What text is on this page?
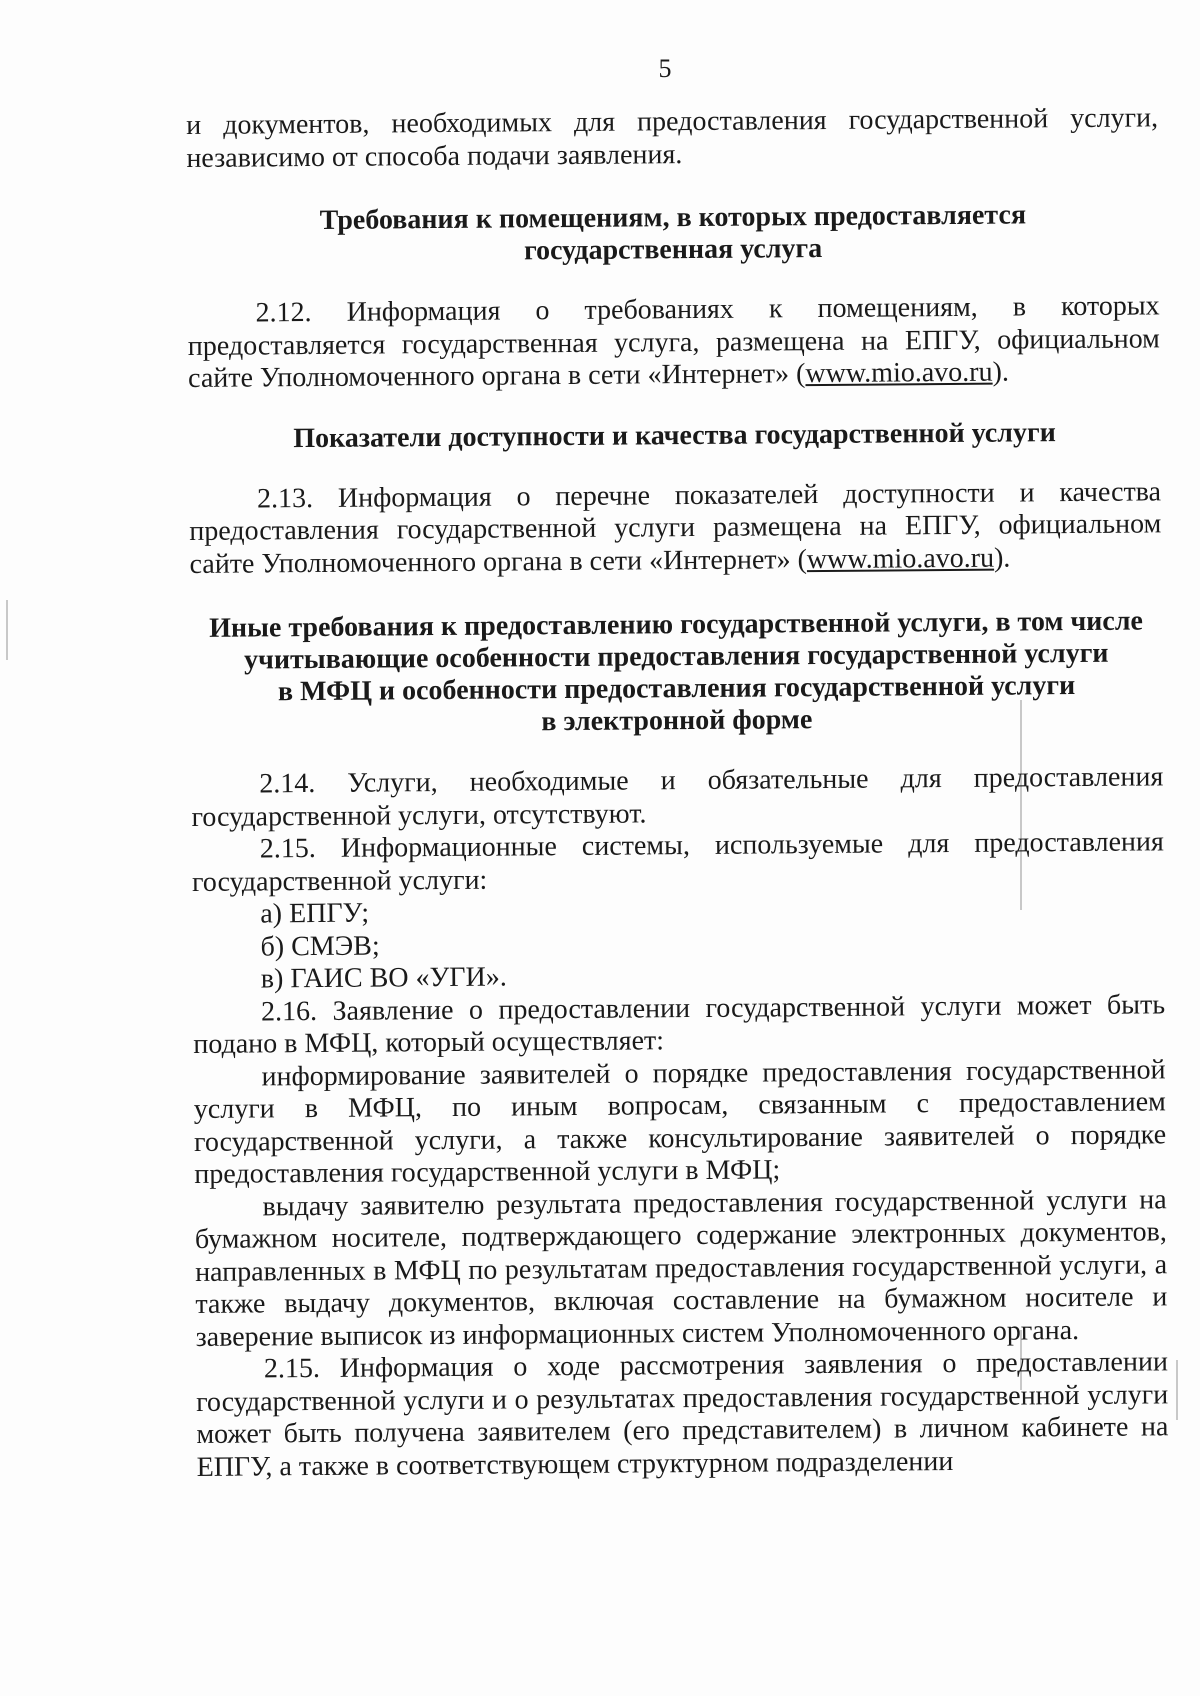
5

и документов, необходимых для предоставления государственной услуги, независимо от способа подачи заявления.

Требования к помещениям, в которых предоставляется
государственная услуга

2.12. Информация о требованиях к помещениям, в которых предоставляется государственная услуга, размещена на ЕПГУ, официальном сайте Уполномоченного органа в сети «Интернет» (www.mio.avo.ru).

Показатели доступности и качества государственной услуги

2.13. Информация о перечне показателей доступности и качества предоставления государственной услуги размещена на ЕПГУ, официальном сайте Уполномоченного органа в сети «Интернет» (www.mio.avo.ru).

Иные требования к предоставлению государственной услуги, в том числе
учитывающие особенности предоставления государственной услуги
в МФЦ и особенности предоставления государственной услуги
в электронной форме

2.14. Услуги, необходимые и обязательные для предоставления государственной услуги, отсутствуют.

2.15. Информационные системы, используемые для предоставления государственной услуги:

а) ЕПГУ;

б) СМЭВ;

в) ГАИС ВО «УГИ».

2.16. Заявление о предоставлении государственной услуги может быть подано в МФЦ, который осуществляет:

информирование заявителей о порядке предоставления государственной услуги в МФЦ, по иным вопросам, связанным с предоставлением государственной услуги, а также консультирование заявителей о порядке предоставления государственной услуги в МФЦ;

выдачу заявителю результата предоставления государственной услуги на бумажном носителе, подтверждающего содержание электронных документов, направленных в МФЦ по результатам предоставления государственной услуги, а также выдачу документов, включая составление на бумажном носителе и заверение выписок из информационных систем Уполномоченного органа.

2.15. Информация о ходе рассмотрения заявления о предоставлении государственной услуги и о результатах предоставления государственной услуги может быть получена заявителем (его представителем) в личном кабинете на ЕПГУ, а также в соответствующем структурном подразделении
